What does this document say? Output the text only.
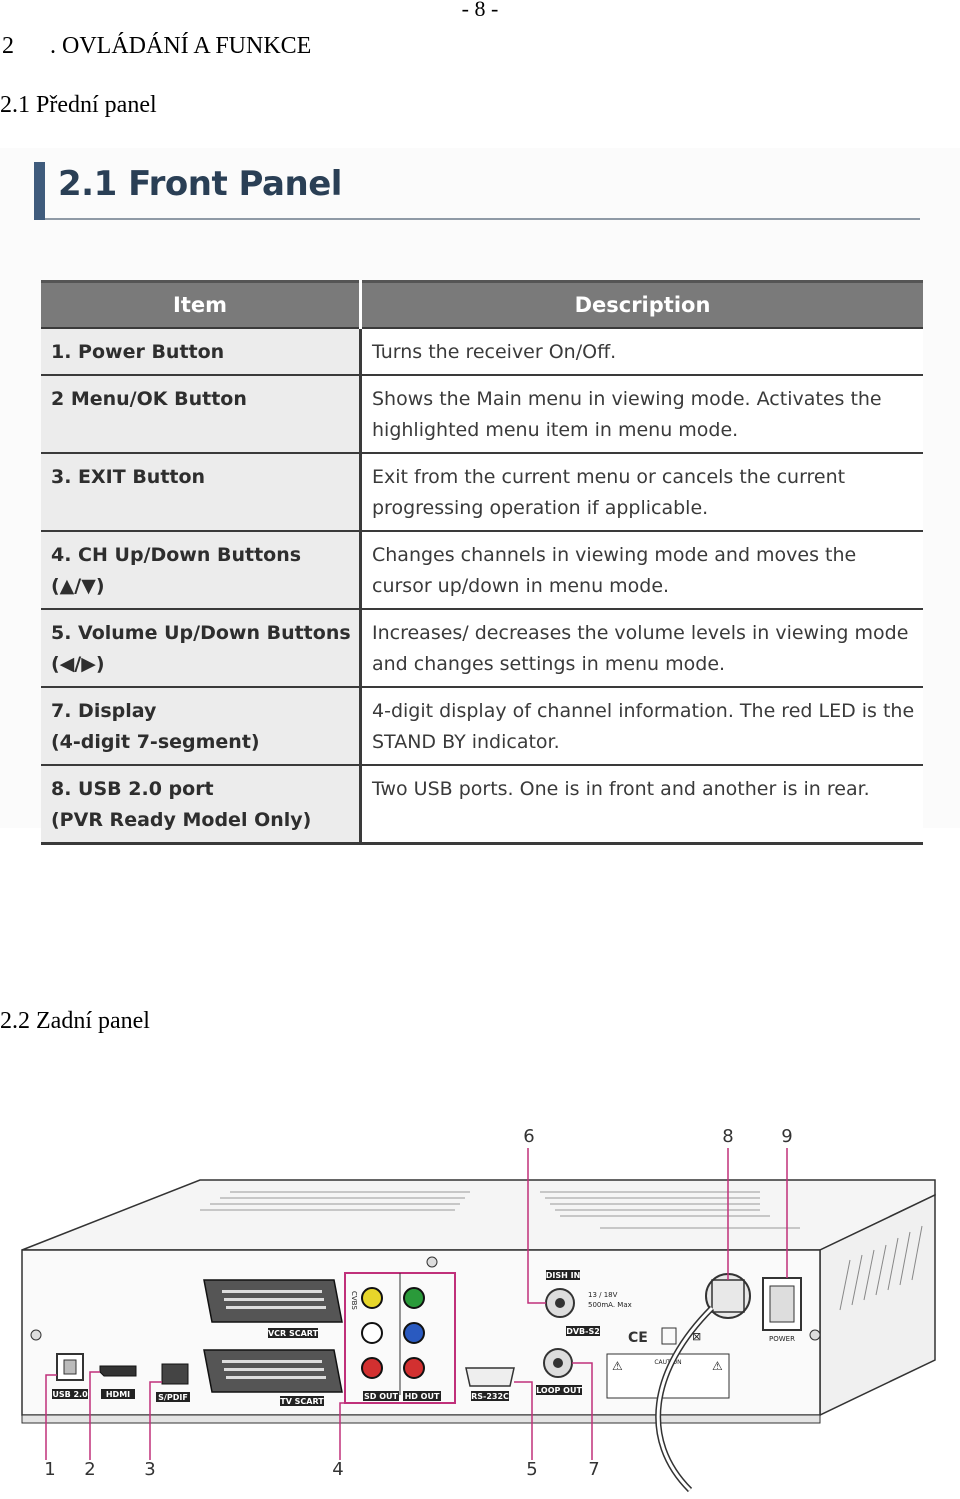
- 8 -
2      . OVLÁDÁNÍ A FUNKCE
2.1 Přední panel
2.1 Front Panel
Item	Description
1. Power Button	Turns the receiver On/Off.
2 Menu/OK Button	Shows the Main menu in viewing mode. Activates the highlighted menu item in menu mode.
3. EXIT Button	Exit from the current menu or cancels the current progressing operation if applicable.
4. CH Up/Down Buttons
(▲/▼)	Changes channels in viewing mode and moves the cursor up/down in menu mode.
5. Volume Up/Down Buttons
(◀/▶)	Increases/ decreases the volume levels in viewing mode and changes settings in menu mode.
7. Display
(4-digit 7-segment)	4-digit display of channel information. The red LED is the STAND BY indicator.
8. USB 2.0 port
(PVR Ready Model Only)	Two USB ports. One is in front and another is in rear.
2.2 Zadní panel
USB 2.0 HDMI	S/PDIF
VCR SCART
TV SCART
CVBS
SD OUT HD OUT	RS-232C
DISH IN
13 / 18V
500mA. Max
DVB-S2
LOOP OUT
CE	⊠
⚠	⚠
CAUTION
POWER
6	8	9
1 2	3	4	5	7
